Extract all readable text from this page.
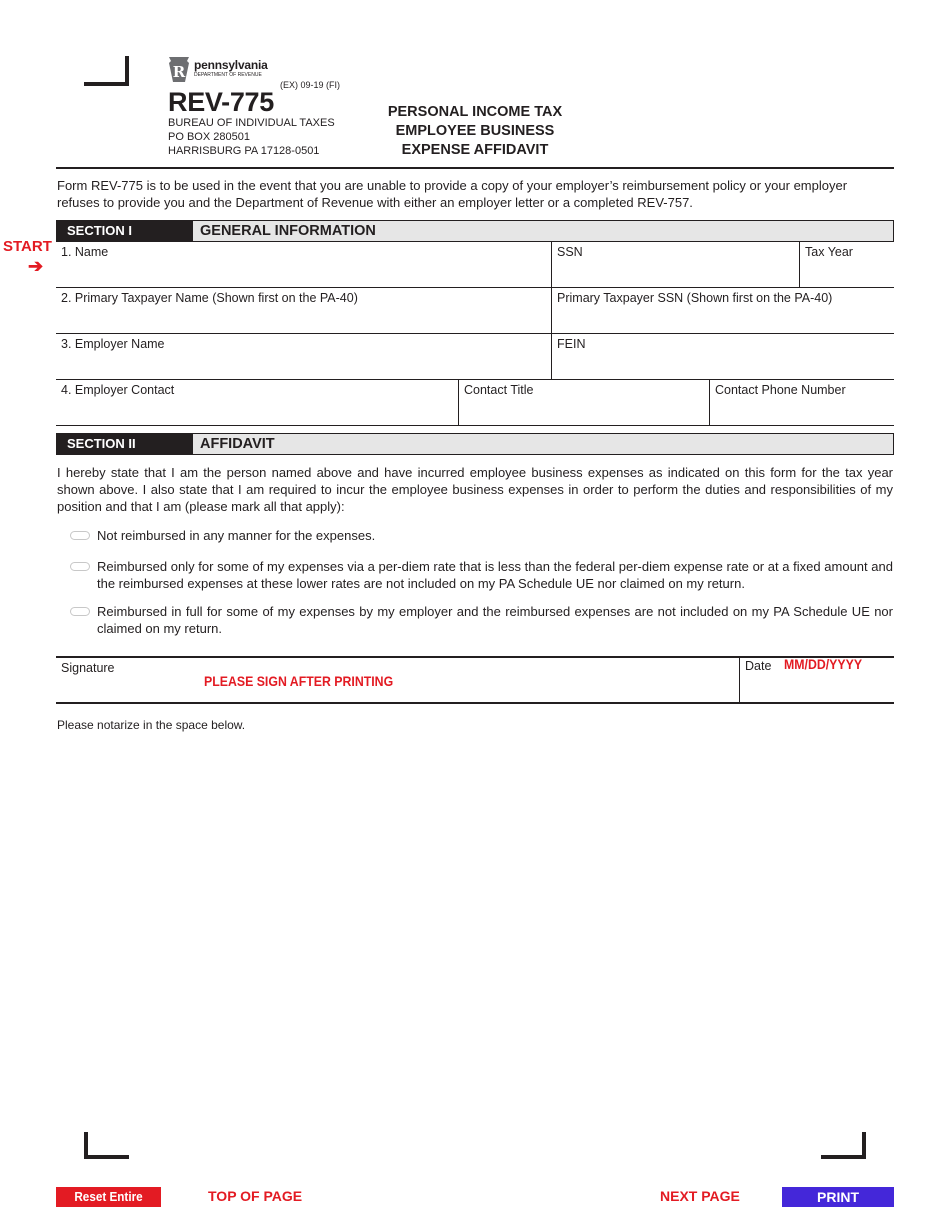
R pennsylvania
DEPARTMENT OF REVENUE
(EX) 09-19 (FI)
REV-775
BUREAU OF INDIVIDUAL TAXES
PO BOX 280501
HARRISBURG PA 17128-0501
PERSONAL INCOME TAX
EMPLOYEE BUSINESS
EXPENSE AFFIDAVIT
Form REV-775 is to be used in the event that you are unable to provide a copy of your employer’s reimbursement policy or your employer refuses to provide you and the Department of Revenue with either an employer letter or a completed REV-757.
SECTION I	GENERAL INFORMATION
START
➔
1. Name	SSN	Tax Year
2. Primary Taxpayer Name (Shown first on the PA-40)	Primary Taxpayer SSN (Shown first on the PA-40)
3. Employer Name	FEIN
4. Employer Contact	Contact Title	Contact Phone Number
SECTION II	AFFIDAVIT
I hereby state that I am the person named above and have incurred employee business expenses as indicated on this form for the tax year shown above. I also state that I am required to incur the employee business expenses in order to perform the duties and responsibilities of my position and that I am (please mark all that apply):
Not reimbursed in any manner for the expenses.
Reimbursed only for some of my expenses via a per-diem rate that is less than the federal per-diem expense rate or at a fixed amount and the reimbursed expenses at these lower rates are not included on my PA Schedule UE nor claimed on my return.
Reimbursed in full for some of my expenses by my employer and the reimbursed expenses are not included on my PA Schedule UE nor claimed on my return.
Signature
PLEASE SIGN AFTER PRINTING
Date MM/DD/YYYY
Please notarize in the space below.
Reset Entire Form
TOP OF PAGE	NEXT PAGE	PRINT
